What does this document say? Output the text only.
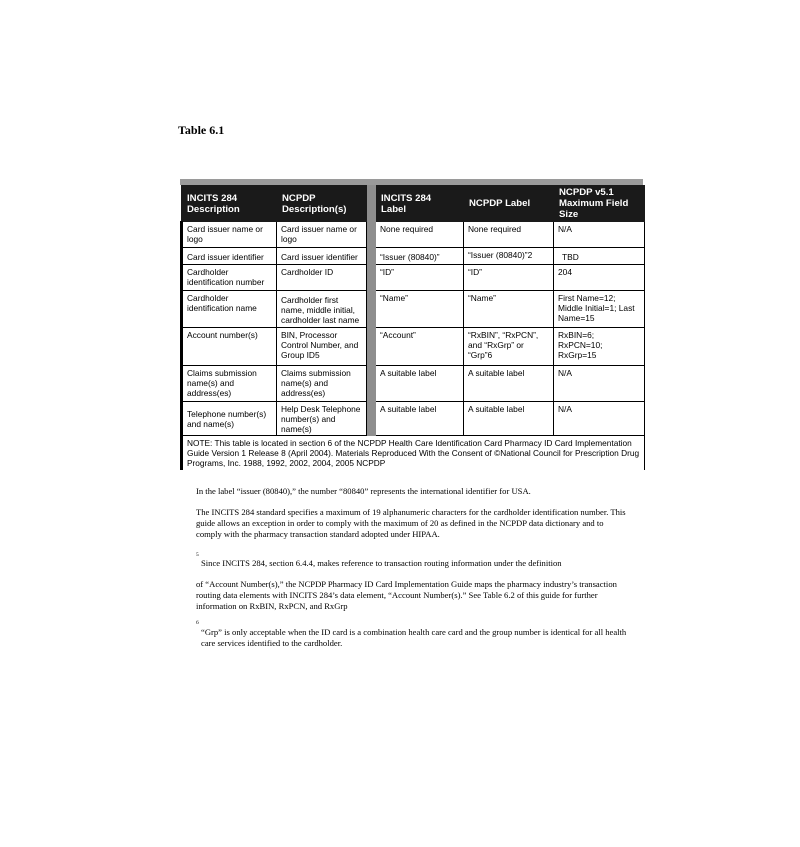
Table 6.1
INCITS 284 Description	NCPDP Description(s)		INCITS 284 Label	NCPDP Label	NCPDP v5.1 Maximum Field Size
Card issuer name or logo	Card issuer name or logo		None required	None required	N/A
Card issuer identifier	Card issuer identifier		“Issuer (80840)”	“Issuer (80840)”2	TBD
Cardholder identification number	Cardholder ID		“ID”	“ID”	204
Cardholder identification name	Cardholder first name, middle initial, cardholder last name		“Name”	“Name”	First Name=12; Middle Initial=1; Last Name=15
Account number(s)	BIN, Processor Control Number, and Group ID5		“Account”	“RxBIN”, “RxPCN”, and “RxGrp” or “Grp”6	RxBIN=6; RxPCN=10; RxGrp=15
Claims submission name(s) and address(es)	Claims submission name(s) and address(es)		A suitable label	A suitable label	N/A
Telephone number(s) and name(s)	Help Desk Telephone number(s) and name(s)		A suitable label	A suitable label	N/A
NOTE: This table is located in section 6 of the NCPDP Health Care Identification Card Pharmacy ID Card Implementation Guide Version 1 Release 8 (April 2004). Materials Reproduced With the Consent of ©National Council for Prescription Drug Programs, Inc. 1988, 1992, 2002, 2004, 2005 NCPDP					
In the label “issuer (80840),” the number “80840” represents the international identifier for USA.
The INCITS 284 standard specifies a maximum of 19 alphanumeric characters for the cardholder identification number. This guide allows an exception in order to comply with the maximum of 20 as defined in the NCPDP data dictionary and to comply with the pharmacy transaction standard adopted under HIPAA.
5
Since INCITS 284, section 6.4.4, makes reference to transaction routing information under the definition
of “Account Number(s),” the NCPDP Pharmacy ID Card Implementation Guide maps the pharmacy industry’s transaction routing data elements with INCITS 284’s data element, “Account Number(s).” See Table 6.2 of this guide for further information on RxBIN, RxPCN, and RxGrp
6
“Grp” is only acceptable when the ID card is a combination health care card and the group number is identical for all health care services identified to the cardholder.
